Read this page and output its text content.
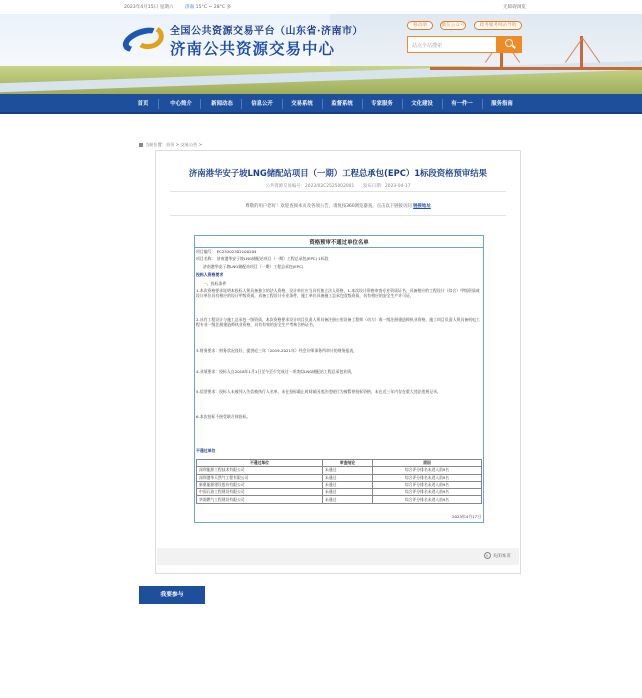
2023年4月15日 星期六	济南 15°C ~ 28°C 多	无障碍浏览
全国公共资源交易平台（山东省·济南市）
济南公共资源交易中心
移动端	微信公众号	政务服务网站导航
站点全站搜索
首页	中心简介	新闻动态	信息公开	交易系统	监督系统	专家服务	文化建设	有一件一	服务指南
当前位置：首页 > 交易公告 >
济南港华安子坡LNG储配站项目（一期）工程总承包(EPC）1标段资格预审结果
公共资源交易编号：2023/02C2525002001　　发布日期：2023-04-17
尊敬的用户您好！欢迎查阅本页及各项公告，请复按360浏览器查。点击以下链接访问 链接地址
资格预审不通过单位名单
项目编号： EC25202302100204
项目名称： 济南港华安子坡LNG储配站项目（一期）工程总承包(EPC) 1标段
济南港华安子坡LNG储配站项目（一期）工程总承包(EPC)
投标人资格要求
一、投标条件
1.本次资格要求说明本投标人须具备独立的法人资格，设计单位应当具有独立法人资格，1.本次设计资格审查专业资质证书，具备相应的工程设计（综合）甲级资质或设计单位具有相应的设计甲级资质，具备工程设计专业条件，施工单位具备施工总承包壹级资质，具有相应的安全生产许可证，
2.具有工程设计与施工总承包一级资质，本次资格要求设计项目负责人须具备注册公用设备工程师（动力）或一级注册建造师执业资格，施工项目负责人须具备机电工程专业一级注册建造师执业资格，具有有效的安全生产考核合格证书，
3.财务要求：财务状况良好，提供近三年（2019-2021年）经会计师事务所审计的财务报表，
4.业绩要求：投标人自2018年1月1日至今至少完成过一项类似LNG储配站工程总承包业绩，
5.信誉要求：投标人未被列入失信被执行人名单，未在投标截止时间前因违法违规行为被暂停投标资格，未在近三年内存在重大违法违规记录，
6.本次招标不接受联合体投标。
不通过单位
不通过单位	审查结论	原因
深圳能源工程技术有限公司	未通过	综合评分排名未进入前9名
深圳港华天然气工程有限公司	未通过	综合评分排名未进入前9名
新奥能源建设股份有限公司	未通过	综合评分排名未进入前9名
中国石油工程建设有限公司	未通过	综合评分排名未进入前9名
华润燃气工程建设有限公司	未通过	综合评分排名未进入前9名
2023年4月17日
× 关闭本页
我要参与
